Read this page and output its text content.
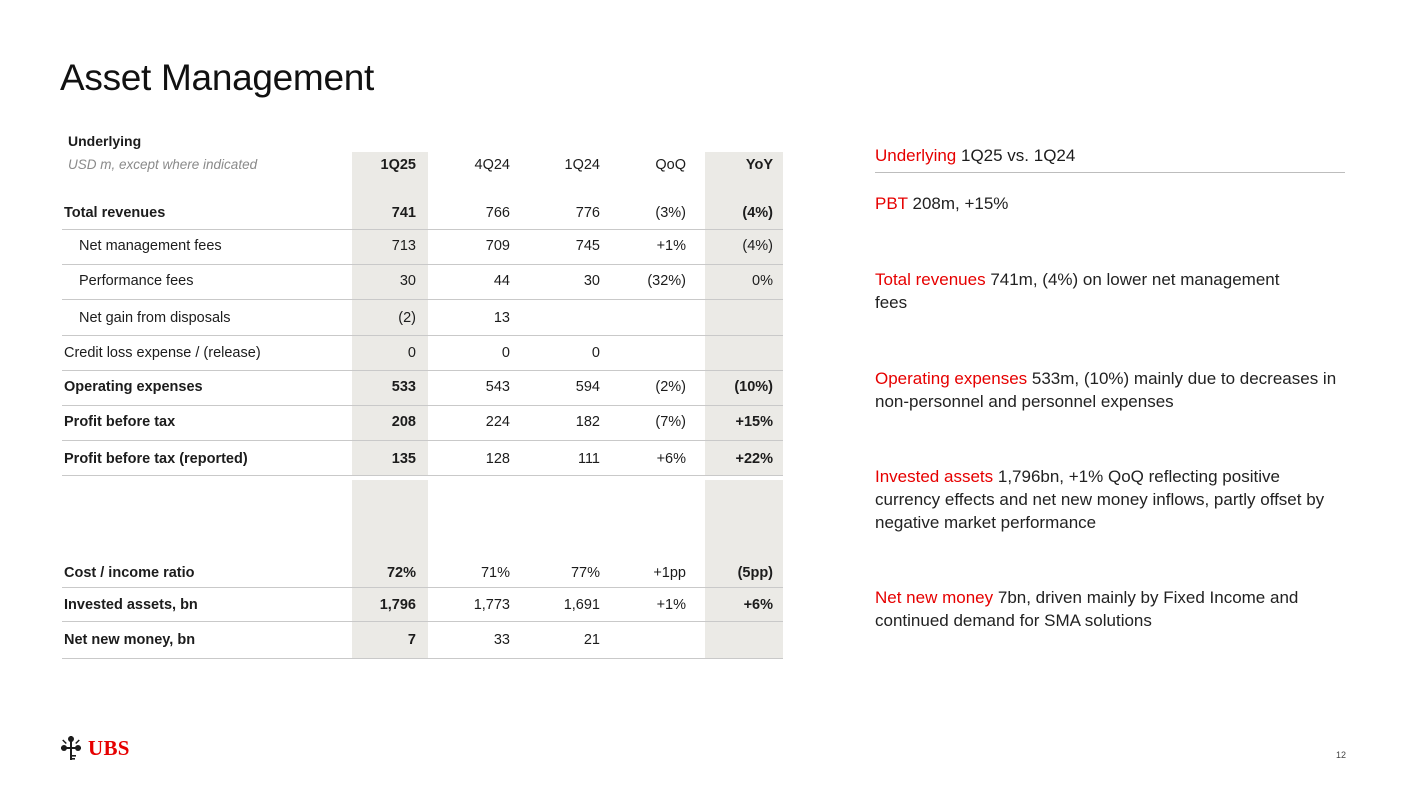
Asset Management
Underlying
USD m, except where indicated	1Q25	4Q24	1Q24	QoQ	YoY
Total revenues	741	766	776	(3%)	(4%)
Net management fees	713	709	745	+1%	(4%)
Performance fees	30	44	30	(32%)	0%
Net gain from disposals	(2)	13
Credit loss expense / (release)	0	0	0
Operating expenses	533	543	594	(2%)	(10%)
Profit before tax	208	224	182	(7%)	+15%
Profit before tax (reported)	135	128	111	+6%	+22%
Cost / income ratio	72%	71%	77%	+1pp	(5pp)
Invested assets, bn	1,796	1,773	1,691	+1%	+6%
Net new money, bn	7	33	21
Underlying 1Q25 vs. 1Q24
PBT 208m, +15%
Total revenues 741m, (4%) on lower net management fees
Operating expenses 533m, (10%) mainly due to decreases in non-personnel and personnel expenses
Invested assets 1,796bn, +1% QoQ reflecting positive currency effects and net new money inflows, partly offset by negative market performance
Net new money 7bn, driven mainly by Fixed Income and continued demand for SMA solutions
UBS	12
